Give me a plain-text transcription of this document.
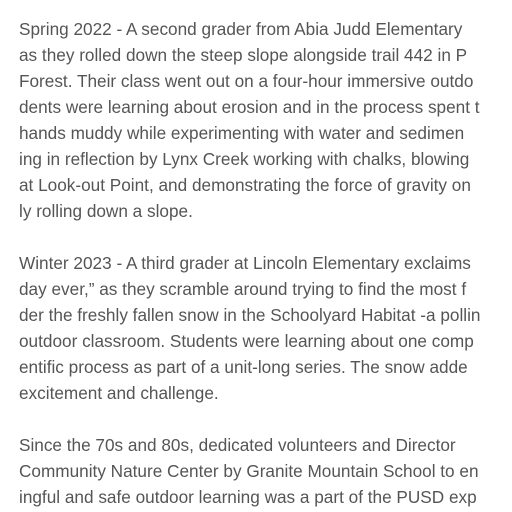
Spring 2022 - A second grader from Abia Judd Elementary
as they rolled down the steep slope alongside trail 442 in P
Forest. Their class went out on a four-hour immersive outdo
dents were learning about erosion and in the process spent t
hands muddy while experimenting with water and sedimen
ing in reflection by Lynx Creek working with chalks, blowing
at Look-out Point, and demonstrating the force of gravity on
ly rolling down a slope.

Winter 2023 - A third grader at Lincoln Elementary exclaims
day ever,” as they scramble around trying to find the most f
der the freshly fallen snow in the Schoolyard Habitat -a pollin
outdoor classroom. Students were learning about one comp
entific process as part of a unit-long series. The snow adde
excitement and challenge.

Since the 70s and 80s, dedicated volunteers and Director
Community Nature Center by Granite Mountain School to en
ingful and safe outdoor learning was a part of the PUSD exp
